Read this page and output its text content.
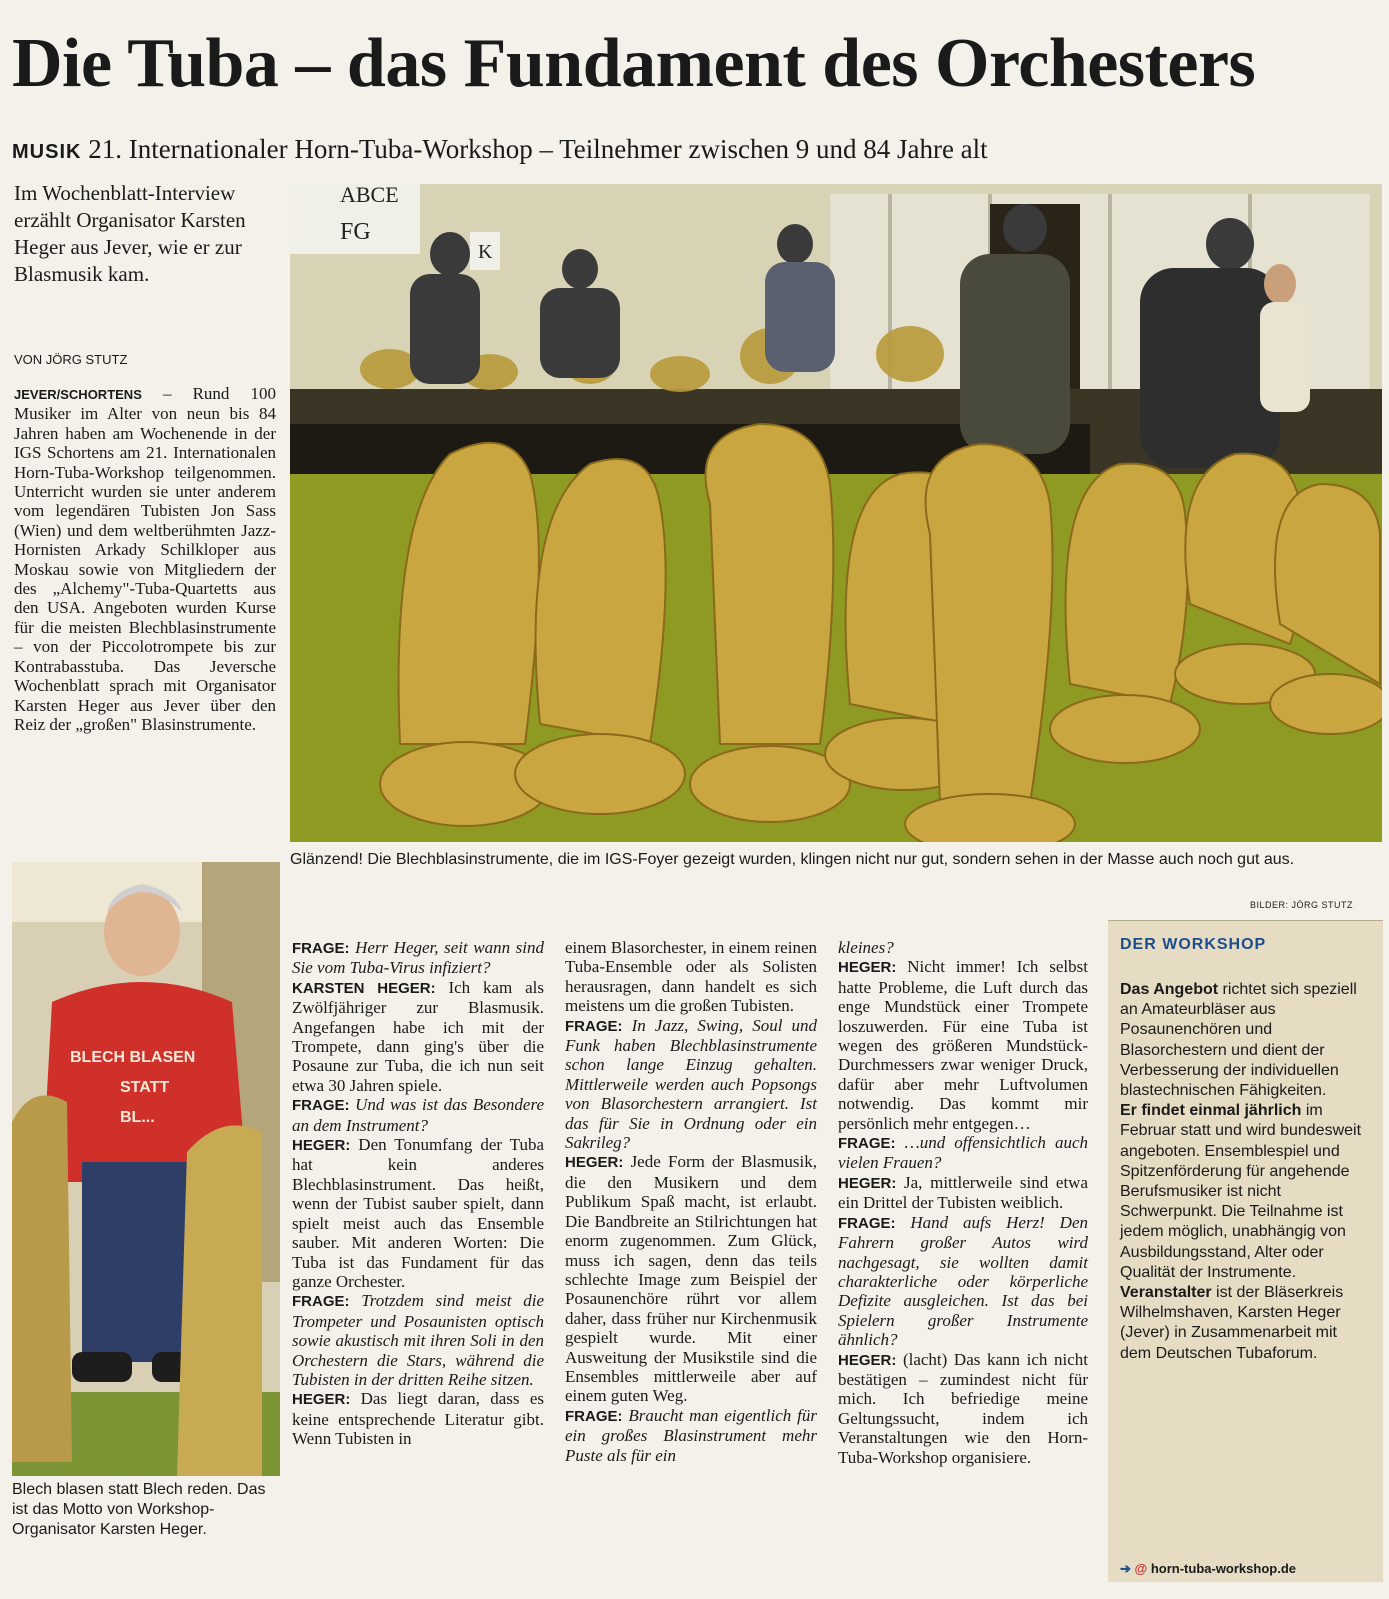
Die Tuba – das Fundament des Orchesters
MUSIK 21. Internationaler Horn-Tuba-Workshop – Teilnehmer zwischen 9 und 84 Jahre alt
Im Wochenblatt-Interview erzählt Organisator Karsten Heger aus Jever, wie er zur Blasmusik kam.
VON JÖRG STUTZ
JEVER/SCHORTENS – Rund 100 Musiker im Alter von neun bis 84 Jahren haben am Wochenende in der IGS Schortens am 21. Internationalen Horn-Tuba-Workshop teilgenommen. Unterricht wurden sie unter anderem vom legendären Tubisten Jon Sass (Wien) und dem weltberühmten Jazz-Hornisten Arkady Schilkloper aus Moskau sowie von Mitgliedern der des „Alchemy"-Tuba-Quartetts aus den USA. Angeboten wurden Kurse für die meisten Blechblasinstrumente – von der Piccolotrompete bis zur Kontrabasstuba. Das Jeversche Wochenblatt sprach mit Organisator Karsten Heger aus Jever über den Reiz der „großen" Blasinstrumente.
ABCE
FG
K
BLECH BLASEN
STATT
BL...
Glänzend! Die Blechblasinstrumente, die im IGS-Foyer gezeigt wurden, klingen nicht nur gut, sondern sehen in der Masse auch noch gut aus.
BILDER: JÖRG STUTZ
Blech blasen statt Blech reden. Das ist das Motto von Workshop-Organisator Karsten Heger.

FRAGE: Herr Heger, seit wann sind Sie vom Tuba-Virus infiziert?

KARSTEN HEGER: Ich kam als Zwölfjähriger zur Blasmusik. Angefangen habe ich mit der Trompete, dann ging's über die Posaune zur Tuba, die ich nun seit etwa 30 Jahren spiele.

FRAGE: Und was ist das Besondere an dem Instrument?

HEGER: Den Tonumfang der Tuba hat kein anderes Blechblasinstrument. Das heißt, wenn der Tubist sauber spielt, dann spielt meist auch das Ensemble sauber. Mit anderen Worten: Die Tuba ist das Fundament für das ganze Orchester.

FRAGE: Trotzdem sind meist die Trompeter und Posaunisten optisch sowie akustisch mit ihren Soli in den Orchestern die Stars, während die Tubisten in der dritten Reihe sitzen.

HEGER: Das liegt daran, dass es keine entsprechende Literatur gibt. Wenn Tubisten in

einem Blasorchester, in einem reinen Tuba-Ensemble oder als Solisten herausragen, dann handelt es sich meistens um die großen Tubisten.

FRAGE: In Jazz, Swing, Soul und Funk haben Blechblasinstrumente schon lange Einzug gehalten. Mittlerweile werden auch Popsongs von Blasorchestern arrangiert. Ist das für Sie in Ordnung oder ein Sakrileg?

HEGER: Jede Form der Blasmusik, die den Musikern und dem Publikum Spaß macht, ist erlaubt. Die Bandbreite an Stilrichtungen hat enorm zugenommen. Zum Glück, muss ich sagen, denn das teils schlechte Image zum Beispiel der Posaunenchöre rührt vor allem daher, dass früher nur Kirchenmusik gespielt wurde. Mit einer Ausweitung der Musikstile sind die Ensembles mittlerweile aber auf einem guten Weg.

FRAGE: Braucht man eigentlich für ein großes Blasinstrument mehr Puste als für ein

kleines?

HEGER: Nicht immer! Ich selbst hatte Probleme, die Luft durch das enge Mundstück einer Trompete loszuwerden. Für eine Tuba ist wegen des größeren Mundstück-Durchmessers zwar weniger Druck, dafür aber mehr Luftvolumen notwendig. Das kommt mir persönlich mehr entgegen…

FRAGE: …und offensichtlich auch vielen Frauen?

HEGER: Ja, mittlerweile sind etwa ein Drittel der Tubisten weiblich.

FRAGE: Hand aufs Herz! Den Fahrern großer Autos wird nachgesagt, sie wollten damit charakterliche oder körperliche Defizite ausgleichen. Ist das bei Spielern großer Instrumente ähnlich?

HEGER: (lacht) Das kann ich nicht bestätigen – zumindest nicht für mich. Ich befriedige meine Geltungssucht, indem ich Veranstaltungen wie den Horn-Tuba-Workshop organisiere.

DER WORKSHOP
Das Angebot richtet sich speziell an Amateurbläser aus Posaunenchören und Blasorchestern und dient der Verbesserung der individuellen blastechnischen Fähigkeiten.
Er findet einmal jährlich im Februar statt und wird bundesweit angeboten. Ensemblespiel und Spitzenförderung für angehende Berufsmusiker ist nicht Schwerpunkt. Die Teilnahme ist jedem möglich, unabhängig von Ausbildungsstand, Alter oder Qualität der Instrumente.
Veranstalter ist der Bläserkreis Wilhelmshaven, Karsten Heger (Jever) in Zusammenarbeit mit dem Deutschen Tubaforum.
➔ @ horn-tuba-workshop.de
